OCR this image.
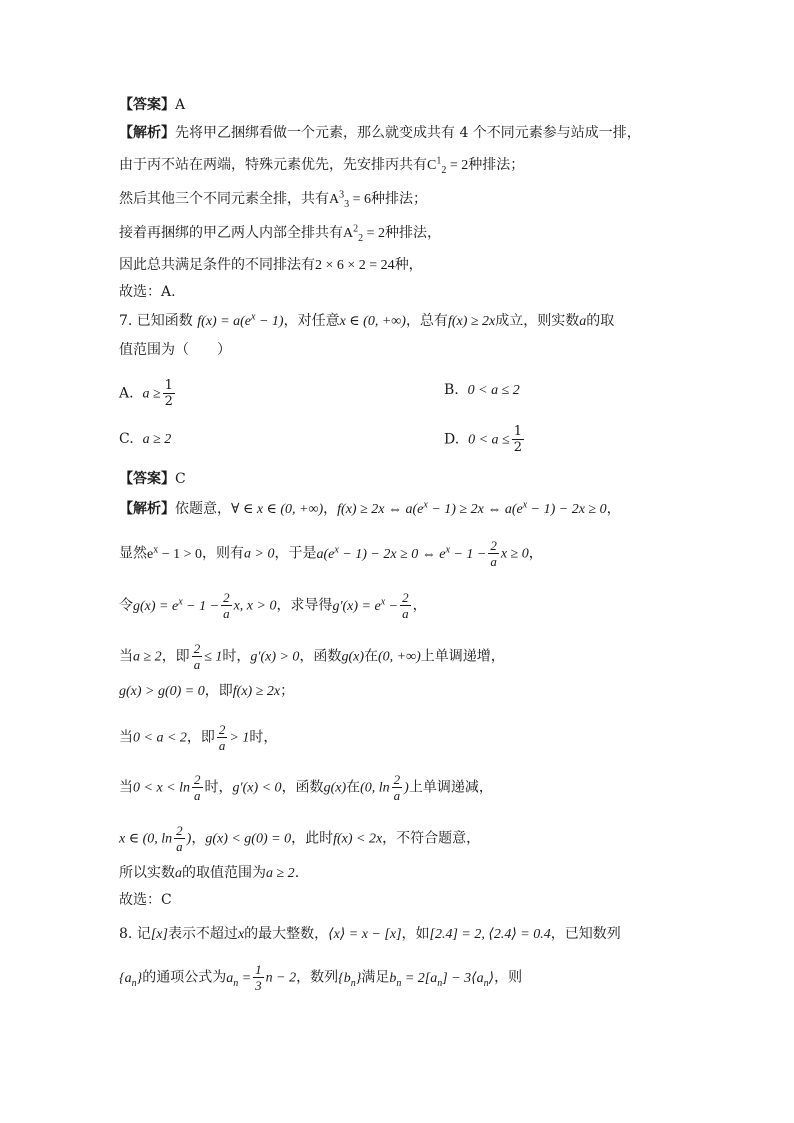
【答案】A
【解析】先将甲乙捆绑看做一个元素，那么就变成共有 4 个不同元素参与站成一排，
由于丙不站在两端，特殊元素优先，先安排丙共有$C^1_2 = 2$种排法；
然后其他三个不同元素全排，共有$A^3_3 = 6$种排法；
接着再捆绑的甲乙两人内部全排共有$A^2_2 = 2$种排法，
因此总共满足条件的不同排法有2 × 6 × 2 = 24种，
故选：A.
7. 已知函数 $f(x) = a(e^x - 1)$，对任意x ∈ (0, +∞)，总有f(x) ≥ 2x成立，则实数a的取
值范围为（　　）
A. $a \ge \frac{1}{2}$	B. 0 < a ≤ 2
C. a ≥ 2	D. $0 < a \le \frac{1}{2}$
【答案】C
【解析】依题意，∀ ∈ x ∈ (0, +∞)，f(x) ≥ 2x ⇔ $a(e^x - 1) \ge 2x$ ⇔ $a(e^x - 1) - 2x \ge 0$，
显然$e^x - 1 > 0$，则有a > 0，于是$a(e^x - 1) - 2x \ge 0$ ⇔ $e^x - 1 - \frac{2}{a}$ x ≥ 0，
令$g(x) = e^x - 1 - \frac{2}{a} x$, x > 0，求导得$g'(x) = e^x - \frac{2}{a}$ ，
当a ≥ 2，即 $\frac{2}{a} \le 1$时，g′(x) > 0，函数g(x)在(0, +∞)上单调递增，
g(x) > g(0) = 0，即f(x) ≥ 2x；
当0 < a < 2，即 $\frac{2}{a} > 1$时，
当$0 < x < \ln \frac{2}{a}$ 时，g′(x) < 0，函数g(x)在(0, $\ln \frac{2}{a}$ )上单调递减，
x ∈ (0, $\ln \frac{2}{a}$ )，g(x) < g(0) = 0，此时f(x) < 2x，不符合题意，
所以实数a的取值范围为a ≥ 2.
故选：C
8. 记[x]表示不超过x的最大整数，⟨x⟩ = x − [x]，如[2.4] = 2, ⟨2.4⟩ = 0.4，已知数列
$\{a_n\}$的通项公式为$a_n = \frac{1}{3}$ n − 2，数列$\{b_n\}$满足$b_n = 2[a_n]$ − $3⟨a_n⟩$，则
